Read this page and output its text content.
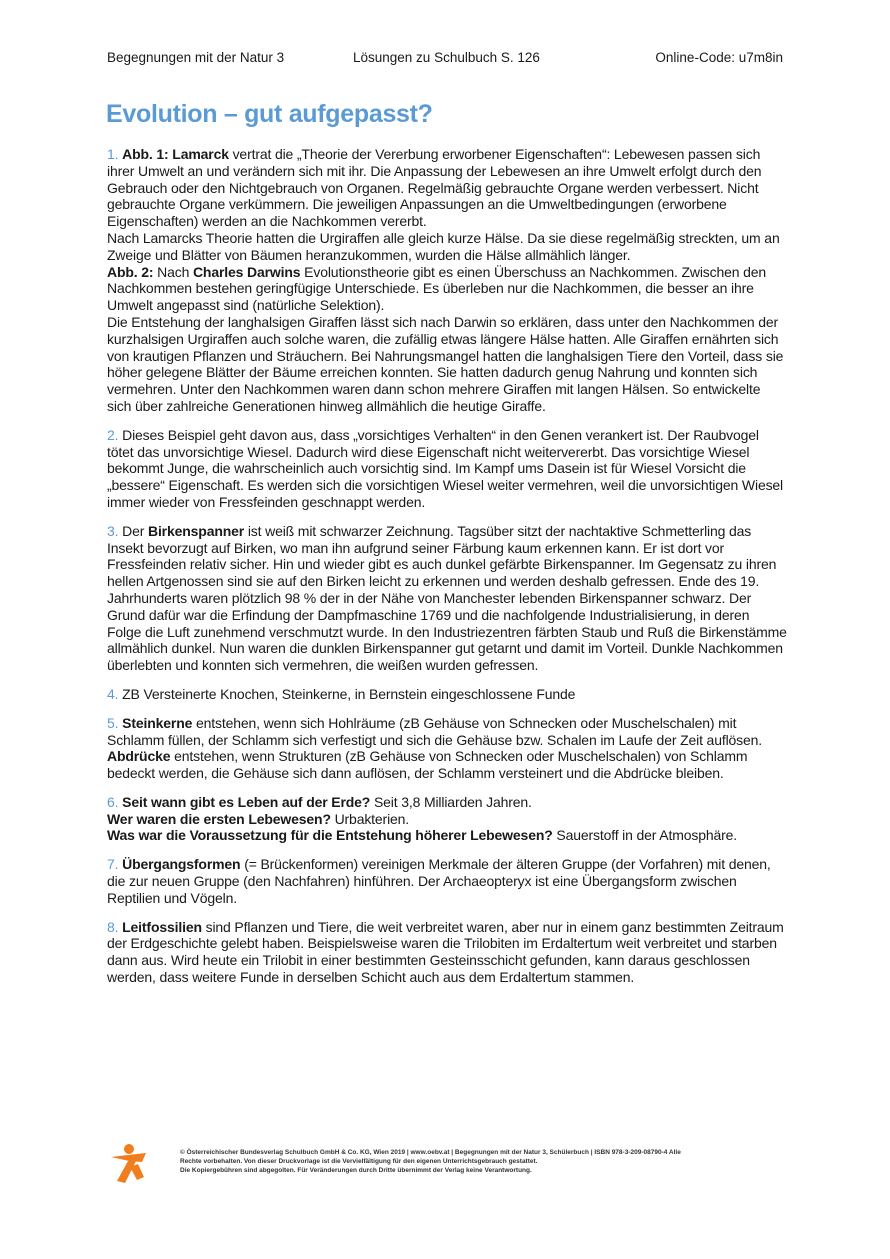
Begegnungen mit der Natur 3	Lösungen zu Schulbuch S. 126	Online-Code: u7m8in
Evolution – gut aufgepasst?

1. Abb. 1: Lamarck vertrat die „Theorie der Vererbung erworbener Eigenschaften“: Lebewesen passen sich ihrer Umwelt an und verändern sich mit ihr. Die Anpassung der Lebewesen an ihre Umwelt erfolgt durch den Gebrauch oder den Nichtgebrauch von Organen. Regelmäßig gebrauchte Organe werden verbessert. Nicht gebrauchte Organe verkümmern. Die jeweiligen Anpassungen an die Umweltbedingungen (erworbene Eigenschaften) werden an die Nachkommen vererbt.

Nach Lamarcks Theorie hatten die Urgiraffen alle gleich kurze Hälse. Da sie diese regelmäßig streckten, um an Zweige und Blätter von Bäumen heranzukommen, wurden die Hälse allmählich länger.

Abb. 2: Nach Charles Darwins Evolutionstheorie gibt es einen Überschuss an Nachkommen. Zwischen den Nachkommen bestehen geringfügige Unterschiede. Es überleben nur die Nachkommen, die besser an ihre Umwelt angepasst sind (natürliche Selektion).

Die Entstehung der langhalsigen Giraffen lässt sich nach Darwin so erklären, dass unter den Nachkommen der kurzhalsigen Urgiraffen auch solche waren, die zufällig etwas längere Hälse hatten. Alle Giraffen ernährten sich von krautigen Pflanzen und Sträuchern. Bei Nahrungsmangel hatten die langhalsigen Tiere den Vorteil, dass sie höher gelegene Blätter der Bäume erreichen konnten. Sie hatten dadurch genug Nahrung und konnten sich vermehren. Unter den Nachkommen waren dann schon mehrere Giraffen mit langen Hälsen. So entwickelte sich über zahlreiche Generationen hinweg allmählich die heutige Giraffe.

2. Dieses Beispiel geht davon aus, dass „vorsichtiges Verhalten“ in den Genen verankert ist. Der Raubvogel tötet das unvorsichtige Wiesel. Dadurch wird diese Eigenschaft nicht weitervererbt. Das vorsichtige Wiesel bekommt Junge, die wahrscheinlich auch vorsichtig sind. Im Kampf ums Dasein ist für Wiesel Vorsicht die „bessere“ Eigenschaft. Es werden sich die vorsichtigen Wiesel weiter vermehren, weil die unvorsichtigen Wiesel immer wieder von Fressfeinden geschnappt werden.

3. Der Birkenspanner ist weiß mit schwarzer Zeichnung. Tagsüber sitzt der nachtaktive Schmetterling das Insekt bevorzugt auf Birken, wo man ihn aufgrund seiner Färbung kaum erkennen kann. Er ist dort vor Fressfeinden relativ sicher. Hin und wieder gibt es auch dunkel gefärbte Birkenspanner. Im Gegensatz zu ihren hellen Artgenossen sind sie auf den Birken leicht zu erkennen und werden deshalb gefressen. Ende des 19. Jahrhunderts waren plötzlich 98 % der in der Nähe von Manchester lebenden Birkenspanner schwarz. Der Grund dafür war die Erfindung der Dampfmaschine 1769 und die nachfolgende Industrialisierung, in deren Folge die Luft zunehmend verschmutzt wurde. In den Industriezentren färbten Staub und Ruß die Birkenstämme allmählich dunkel. Nun waren die dunklen Birkenspanner gut getarnt und damit im Vorteil. Dunkle Nachkommen überlebten und konnten sich vermehren, die weißen wurden gefressen.

4. ZB Versteinerte Knochen, Steinkerne, in Bernstein eingeschlossene Funde

5. Steinkerne entstehen, wenn sich Hohlräume (zB Gehäuse von Schnecken oder Muschelschalen) mit Schlamm füllen, der Schlamm sich verfestigt und sich die Gehäuse bzw. Schalen im Laufe der Zeit auflösen.

Abdrücke entstehen, wenn Strukturen (zB Gehäuse von Schnecken oder Muschelschalen) von Schlamm bedeckt werden, die Gehäuse sich dann auflösen, der Schlamm versteinert und die Abdrücke bleiben.

6. Seit wann gibt es Leben auf der Erde? Seit 3,8 Milliarden Jahren.

Wer waren die ersten Lebewesen? Urbakterien.

Was war die Voraussetzung für die Entstehung höherer Lebewesen? Sauerstoff in der Atmosphäre.

7. Übergangsformen (= Brückenformen) vereinigen Merkmale der älteren Gruppe (der Vorfahren) mit denen, die zur neuen Gruppe (den Nachfahren) hinführen. Der Archaeopteryx ist eine Übergangsform zwischen Reptilien und Vögeln.

8. Leitfossilien sind Pflanzen und Tiere, die weit verbreitet waren, aber nur in einem ganz bestimmten Zeitraum der Erdgeschichte gelebt haben. Beispielsweise waren die Trilobiten im Erdaltertum weit verbreitet und starben dann aus. Wird heute ein Trilobit in einer bestimmten Gesteinsschicht gefunden, kann daraus geschlossen werden, dass weitere Funde in derselben Schicht auch aus dem Erdaltertum stammen.

© Österreichischer Bundesverlag Schulbuch GmbH & Co. KG, Wien 2019 | www.oebv.at | Begegnungen mit der Natur 3, Schülerbuch | ISBN 978-3-209-08790-4 Alle
Rechte vorbehalten. Von dieser Druckvorlage ist die Vervielfältigung für den eigenen Unterrichtsgebrauch gestattet.
Die Kopiergebühren sind abgegolten. Für Veränderungen durch Dritte übernimmt der Verlag keine Verantwortung.
